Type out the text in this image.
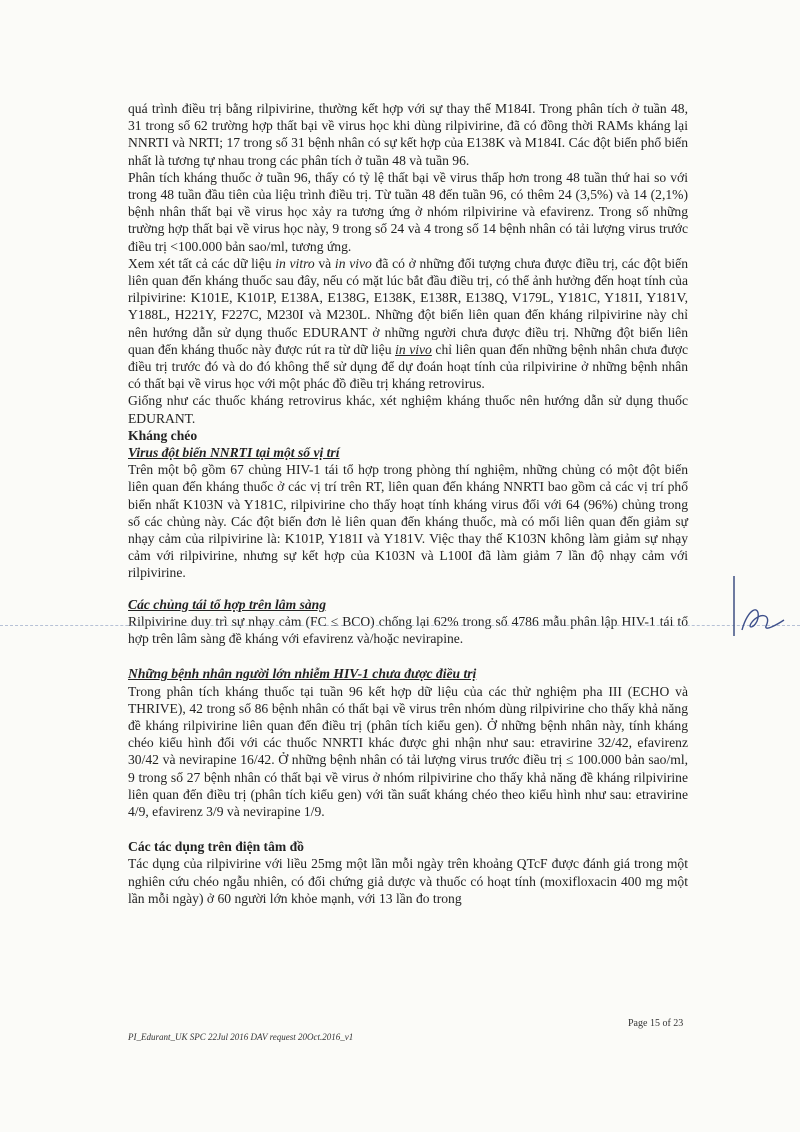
quá trình điều trị bằng rilpivirine, thường kết hợp với sự thay thế M184I. Trong phân tích ở tuần 48, 31 trong số 62 trường hợp thất bại về virus học khi dùng rilpivirine, đã có đồng thời RAMs kháng lại NNRTI và NRTI; 17 trong số 31 bệnh nhân có sự kết hợp của E138K và M184I. Các đột biến phổ biến nhất là tương tự nhau trong các phân tích ở tuần 48 và tuần 96.

Phân tích kháng thuốc ở tuần 96, thấy có tỷ lệ thất bại về virus thấp hơn trong 48 tuần thứ hai so với trong 48 tuần đầu tiên của liệu trình điều trị. Từ tuần 48 đến tuần 96, có thêm 24 (3,5%) và 14 (2,1%) bệnh nhân thất bại về virus học xảy ra tương ứng ở nhóm rilpivirine và efavirenz. Trong số những trường hợp thất bại về virus học này, 9 trong số 24 và 4 trong số 14 bệnh nhân có tải lượng virus trước điều trị <100.000 bản sao/ml, tương ứng.

Xem xét tất cả các dữ liệu in vitro và in vivo đã có ở những đối tượng chưa được điều trị, các đột biến liên quan đến kháng thuốc sau đây, nếu có mặt lúc bắt đầu điều trị, có thể ảnh hưởng đến hoạt tính của rilpivirine: K101E, K101P, E138A, E138G, E138K, E138R, E138Q, V179L, Y181C, Y181I, Y181V, Y188L, H221Y, F227C, M230I và M230L. Những đột biến liên quan đến kháng rilpivirine này chỉ nên hướng dẫn sử dụng thuốc EDURANT ở những người chưa được điều trị. Những đột biến liên quan đến kháng thuốc này được rút ra từ dữ liệu in vivo chỉ liên quan đến những bệnh nhân chưa được điều trị trước đó và do đó không thể sử dụng để dự đoán hoạt tính của rilpivirine ở những bệnh nhân có thất bại về virus học với một phác đồ điều trị kháng retrovirus.

Giống như các thuốc kháng retrovirus khác, xét nghiệm kháng thuốc nên hướng dẫn sử dụng thuốc EDURANT.

Kháng chéo

Virus đột biến NNRTI tại một số vị trí

Trên một bộ gồm 67 chủng HIV-1 tái tổ hợp trong phòng thí nghiệm, những chủng có một đột biến liên quan đến kháng thuốc ở các vị trí trên RT, liên quan đến kháng NNRTI bao gồm cả các vị trí phổ biến nhất K103N và Y181C, rilpivirine cho thấy hoạt tính kháng virus đối với 64 (96%) chủng trong số các chủng này. Các đột biến đơn lẻ liên quan đến kháng thuốc, mà có mối liên quan đến giảm sự nhạy cảm của rilpivirine là: K101P, Y181I và Y181V. Việc thay thế K103N không làm giảm sự nhạy cảm với rilpivirine, nhưng sự kết hợp của K103N và L100I đã làm giảm 7 lần độ nhạy cảm với rilpivirine.

Các chủng tái tổ hợp trên lâm sàng

Rilpivirine duy trì sự nhạy cảm (FC ≤ BCO) chống lại 62% trong số 4786 mẫu phân lập HIV-1 tái tổ hợp trên lâm sàng đề kháng với efavirenz và/hoặc nevirapine.

Những bệnh nhân người lớn nhiễm HIV-1 chưa được điều trị

Trong phân tích kháng thuốc tại tuần 96 kết hợp dữ liệu của các thử nghiệm pha III (ECHO và THRIVE), 42 trong số 86 bệnh nhân có thất bại về virus trên nhóm dùng rilpivirine cho thấy khả năng đề kháng rilpivirine liên quan đến điều trị (phân tích kiểu gen). Ở những bệnh nhân này, tính kháng chéo kiểu hình đối với các thuốc NNRTI khác được ghi nhận như sau: etravirine 32/42, efavirenz 30/42 và nevirapine 16/42. Ở những bệnh nhân có tải lượng virus trước điều trị ≤ 100.000 bản sao/ml, 9 trong số 27 bệnh nhân có thất bại về virus ở nhóm rilpivirine cho thấy khả năng đề kháng rilpivirine liên quan đến điều trị (phân tích kiểu gen) với tần suất kháng chéo theo kiểu hình như sau: etravirine 4/9, efavirenz 3/9 và nevirapine 1/9.

Các tác dụng trên điện tâm đồ

Tác dụng của rilpivirine với liều 25mg một lần mỗi ngày trên khoảng QTcF được đánh giá trong một nghiên cứu chéo ngẫu nhiên, có đối chứng giả dược và thuốc có hoạt tính (moxifloxacin 400 mg một lần mỗi ngày) ở 60 người lớn khỏe mạnh, với 13 lần đo trong

Page 15 of 23
PI_Edurant_UK SPC 22Jul 2016 DAV request 20Oct.2016_v1
